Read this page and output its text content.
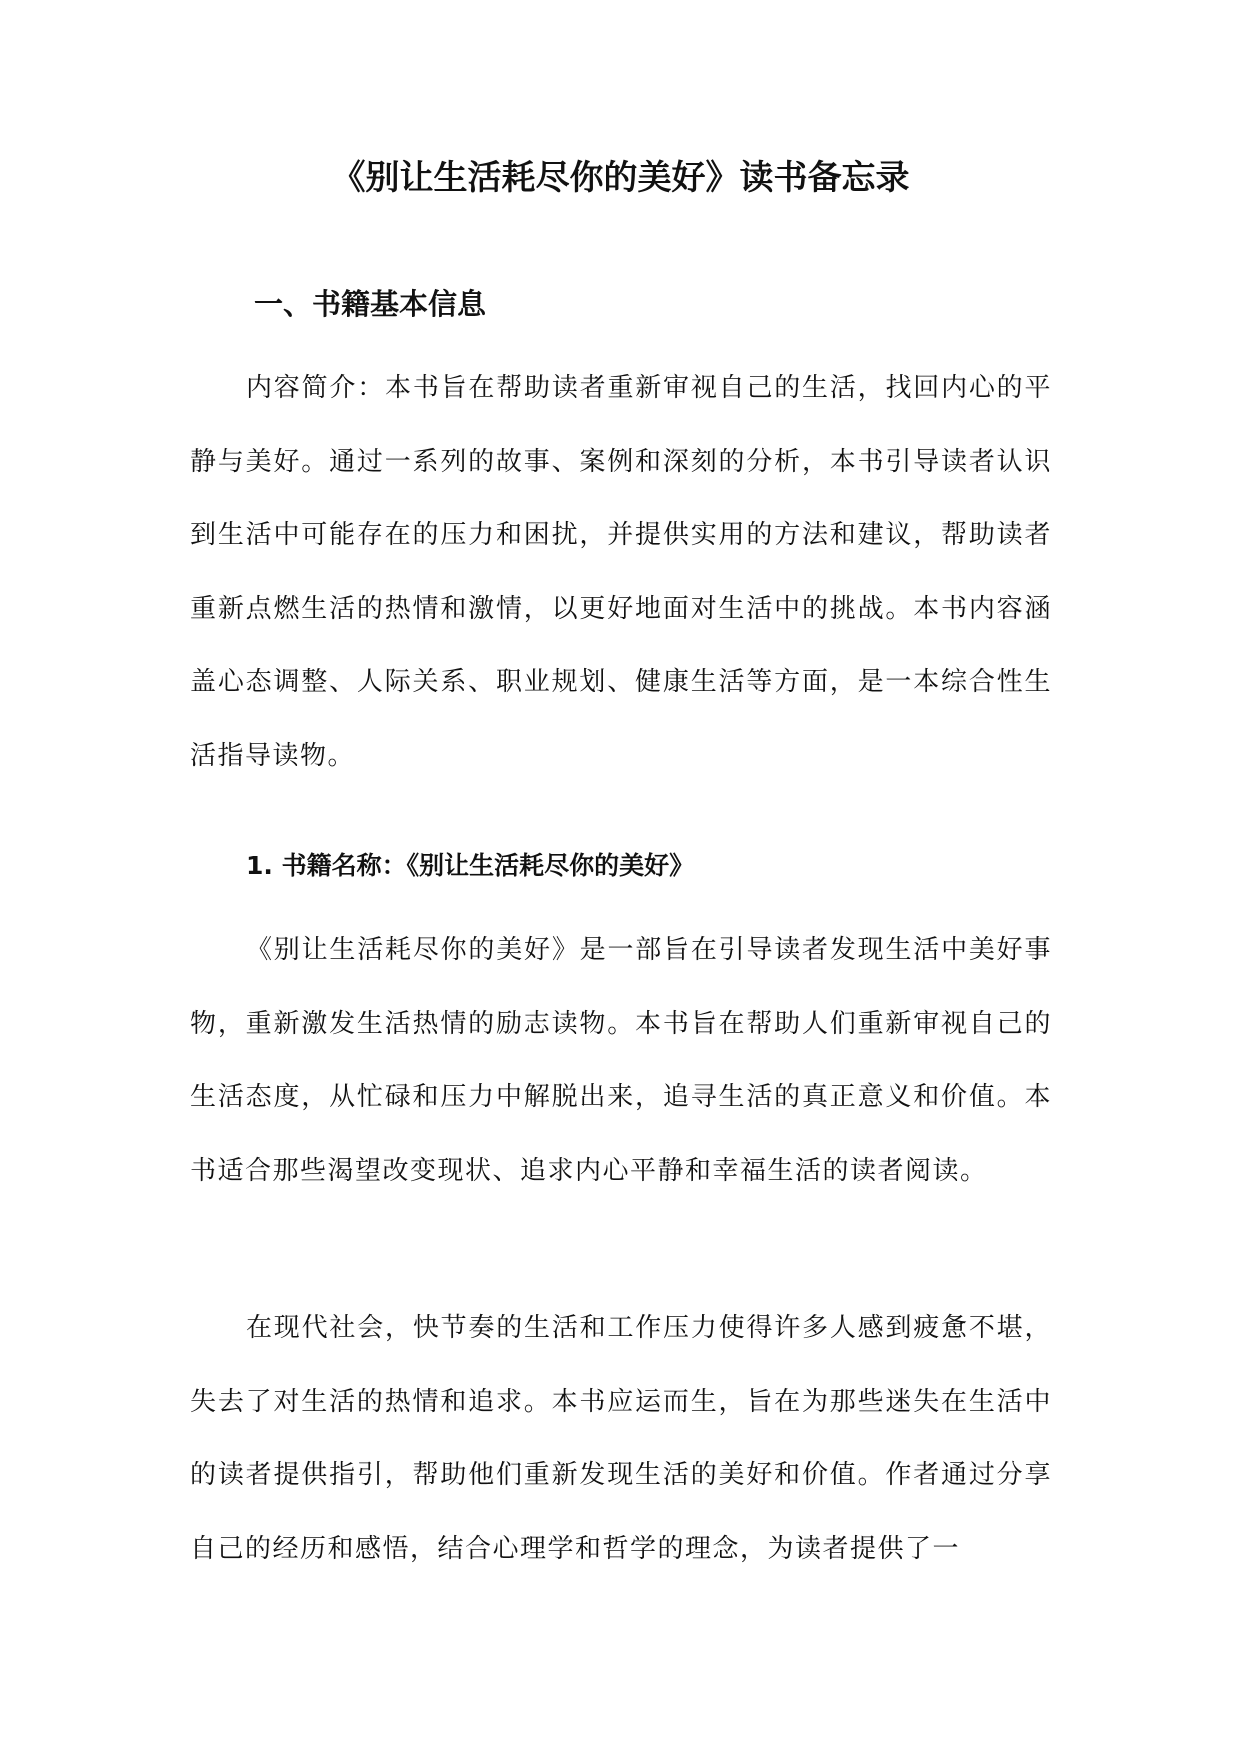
《别让生活耗尽你的美好》读书备忘录
一、书籍基本信息

内容简介：本书旨在帮助读者重新审视自己的生活，找回内心的平静与美好。通过一系列的故事、案例和深刻的分析，本书引导读者认识到生活中可能存在的压力和困扰，并提供实用的方法和建议，帮助读者重新点燃生活的热情和激情，以更好地面对生活中的挑战。本书内容涵盖心态调整、人际关系、职业规划、健康生活等方面，是一本综合性生活指导读物。

1. 书籍名称：《别让生活耗尽你的美好》

《别让生活耗尽你的美好》是一部旨在引导读者发现生活中美好事物，重新激发生活热情的励志读物。本书旨在帮助人们重新审视自己的生活态度，从忙碌和压力中解脱出来，追寻生活的真正意义和价值。本书适合那些渴望改变现状、追求内心平静和幸福生活的读者阅读。

在现代社会，快节奏的生活和工作压力使得许多人感到疲惫不堪，失去了对生活的热情和追求。本书应运而生，旨在为那些迷失在生活中的读者提供指引，帮助他们重新发现生活的美好和价值。作者通过分享自己的经历和感悟，结合心理学和哲学的理念，为读者提供了一
